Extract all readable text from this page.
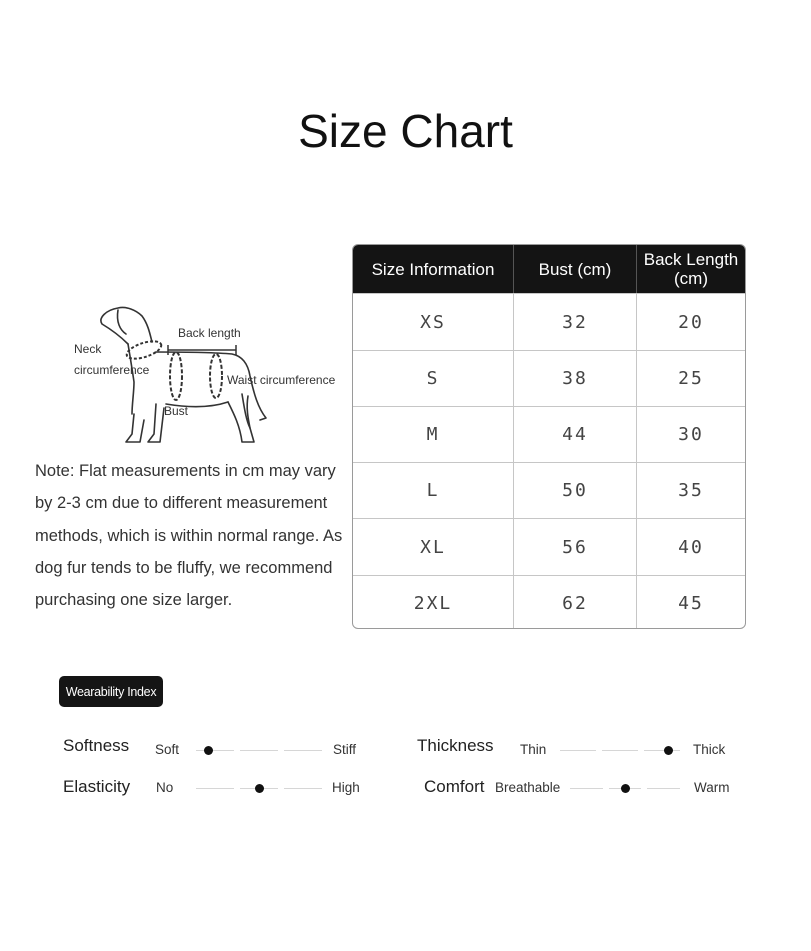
Size Chart
Neck
circumference
Back length
Waist circumference
Bust
Note: Flat measurements in cm may vary by 2-3 cm due to different measurement methods, which is within normal range. As dog fur tends to be fluffy, we recommend purchasing one size larger.
Size Information	Bust (cm)	Back Length
(cm)
XS	32	20
S	38	25
M	44	30
L	50	35
XL	56	40
2XL	62	45
Wearability Index
Softness Soft	Stiff
Elasticity No	High
Thickness Thin	Thick
Comfort Breathable	Warm
